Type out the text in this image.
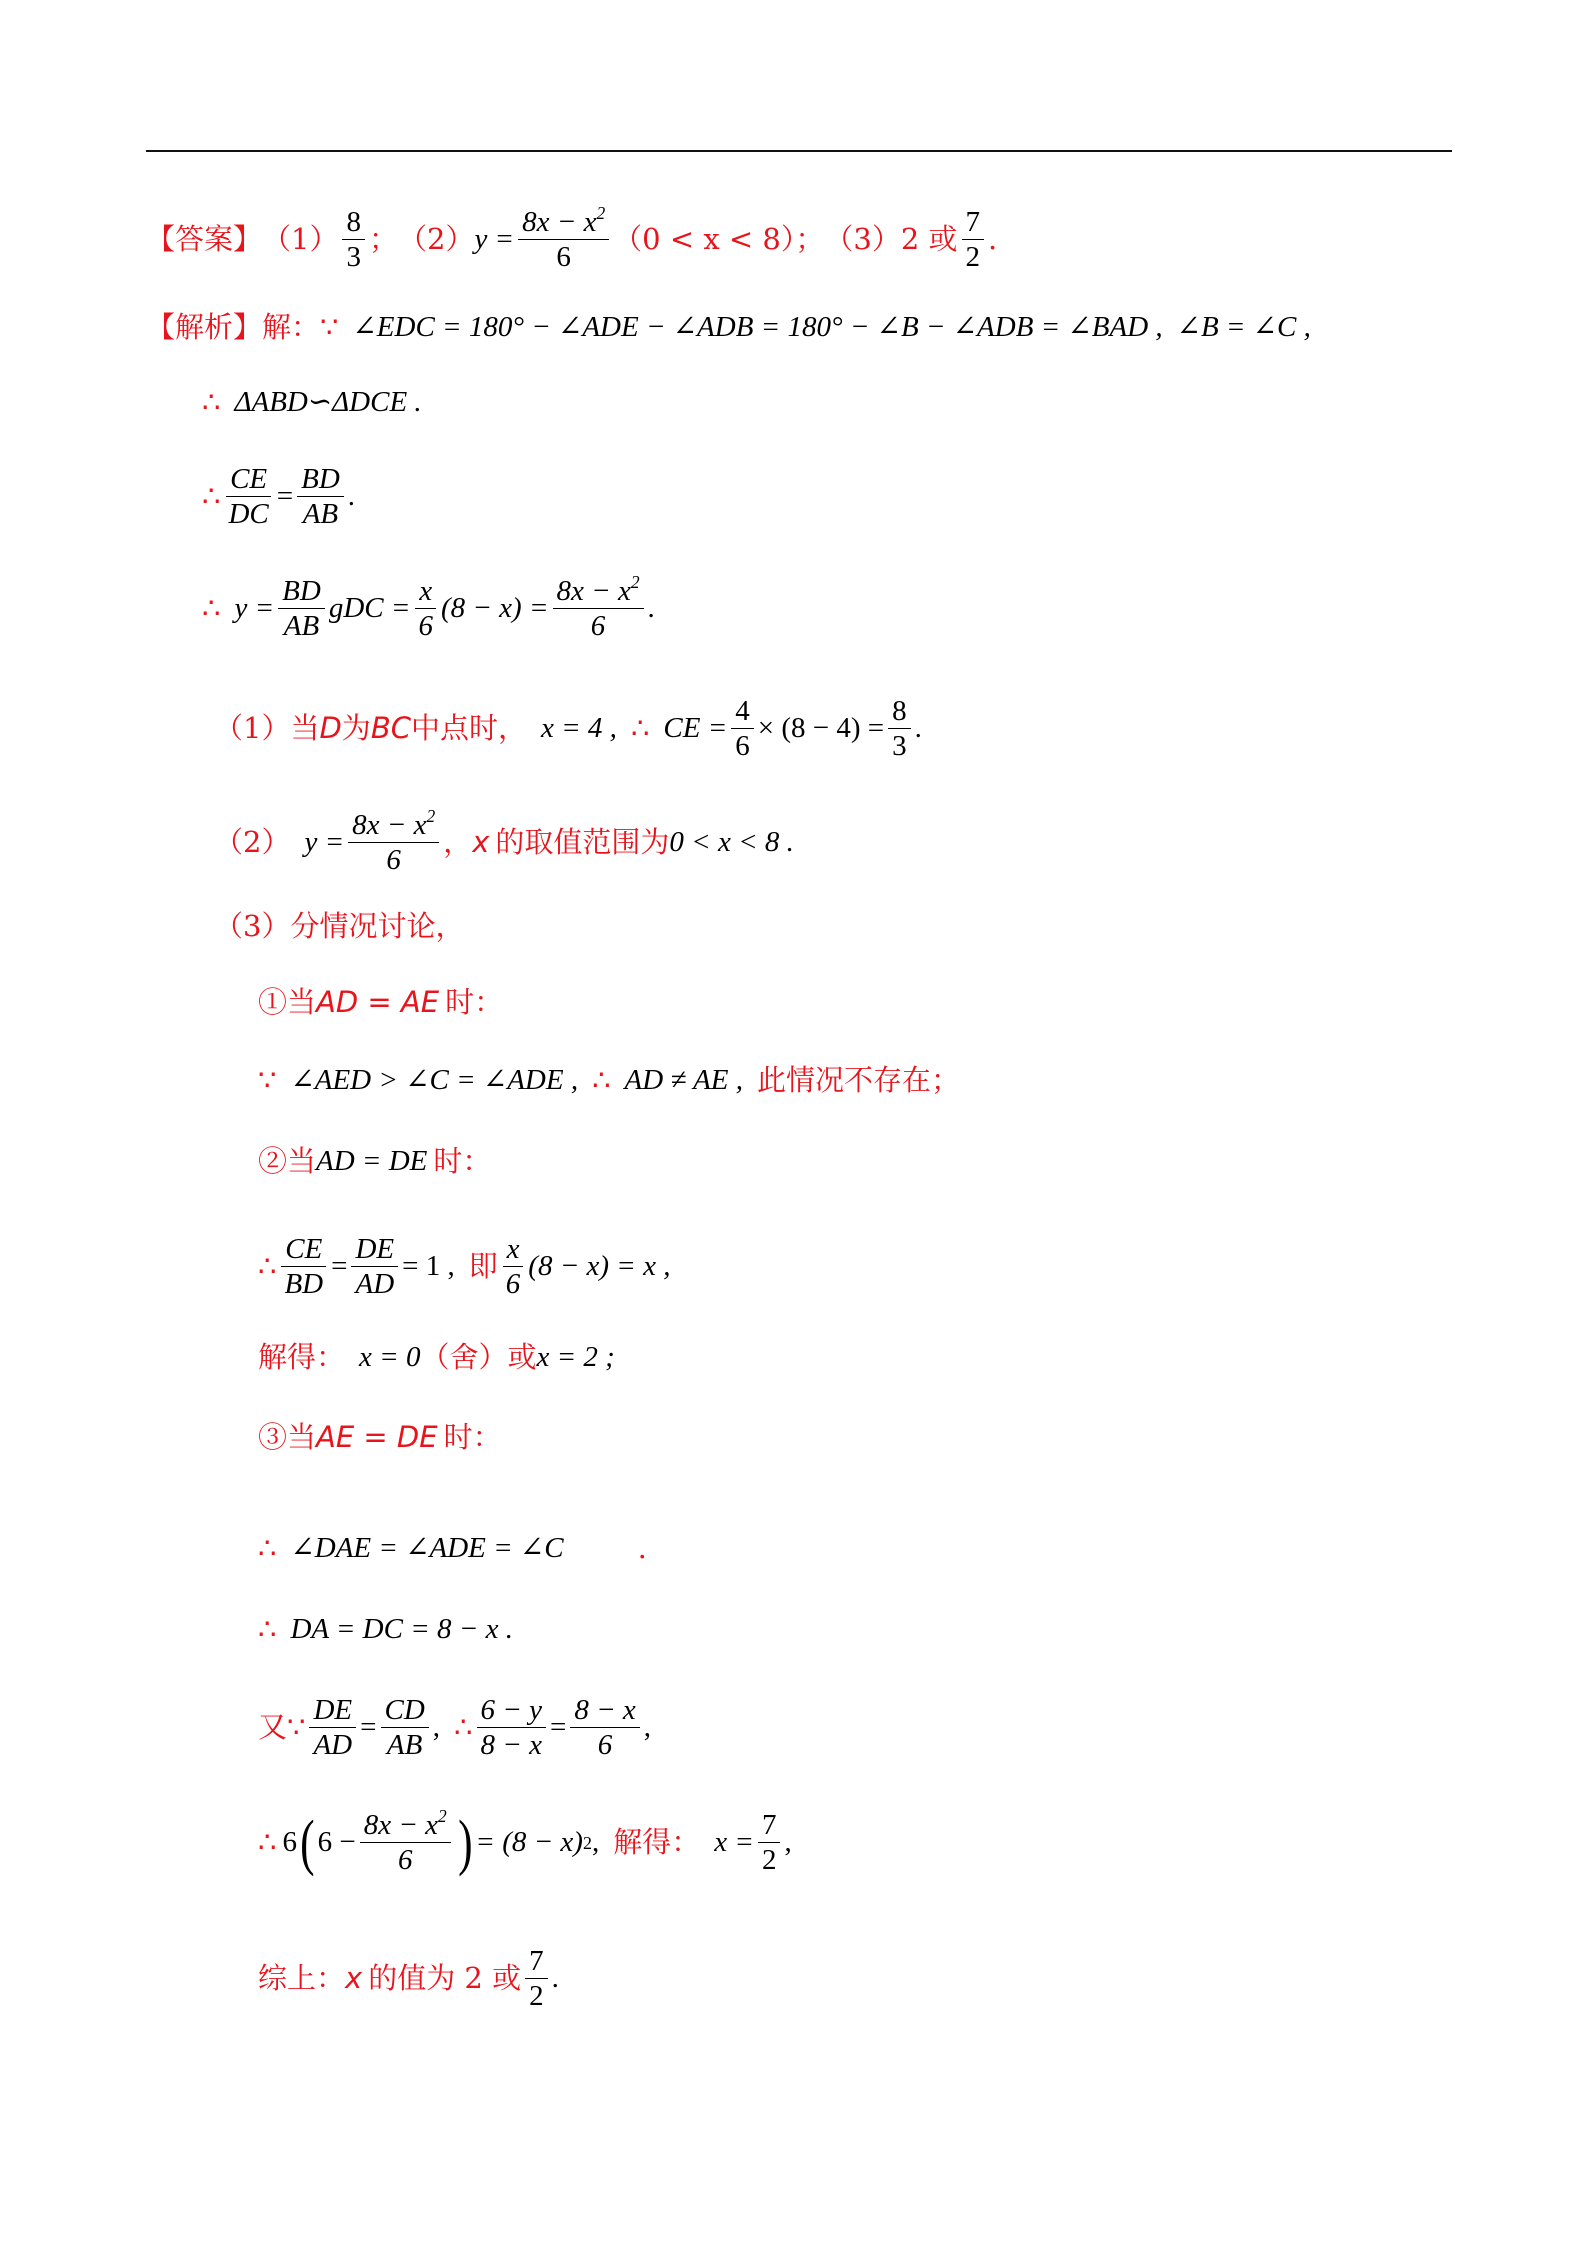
【答案】 $(1) \frac{8}{3}$ ； （2） $y = \frac{8x - x^2}{6} (0 < x < 8)$； （3） 2 或 $\frac{7}{2}$ .
【解析】 解： ∵ ∠EDC = 180° − ∠ADE − ∠ADB = 180° − ∠B − ∠ADB = ∠BAD , ∠B = ∠C ,
∴ ΔABD∽ΔDCE .
∴ $\frac{CE}{DC} = \frac{BD}{AB}$ .
∴ $y = \frac{BD}{AB}$ gDC = $\frac{x}{6} (8 - x) = \frac{8x - x^2}{6}$ .
（1）当 D 为 BC 中点时， x = 4 , ∴ CE = $\frac{4}{6} \times (8 - 4) = \frac{8}{3}$ .
（2） $y = \frac{8x - x^2}{6}$ ， x 的取值范围为 0 < x < 8 .
（3）分情况讨论，
①当 AD = AE 时：
∵ ∠AED > ∠C = ∠ADE , ∴ AD ≠ AE , 此情况不存在；
②当 AD = DE 时：
∴ $\frac{CE}{BD} = \frac{DE}{AD} = 1$ , 即 $\frac{x}{6} (8 - x) = x$ ,
解得： x = 0 （舍）或 x = 2 ;
③当 AE = DE 时：
∴ ∠DAE = ∠ADE = ∠C	.
∴ DA = DC = 8 − x .
又 ∵ $\frac{DE}{AD} = \frac{CD}{AB}$ , ∴ $\frac{6 - y}{8 - x} = \frac{8 - x}{6}$ ,
∴ 6 ( $6 - \frac{8x - x^2}{6}$ ) = (8 − x) 2 , 解得： $x = \frac{7}{2}$ ,
综上： x 的值为 2 或 $\frac{7}{2}$ .
